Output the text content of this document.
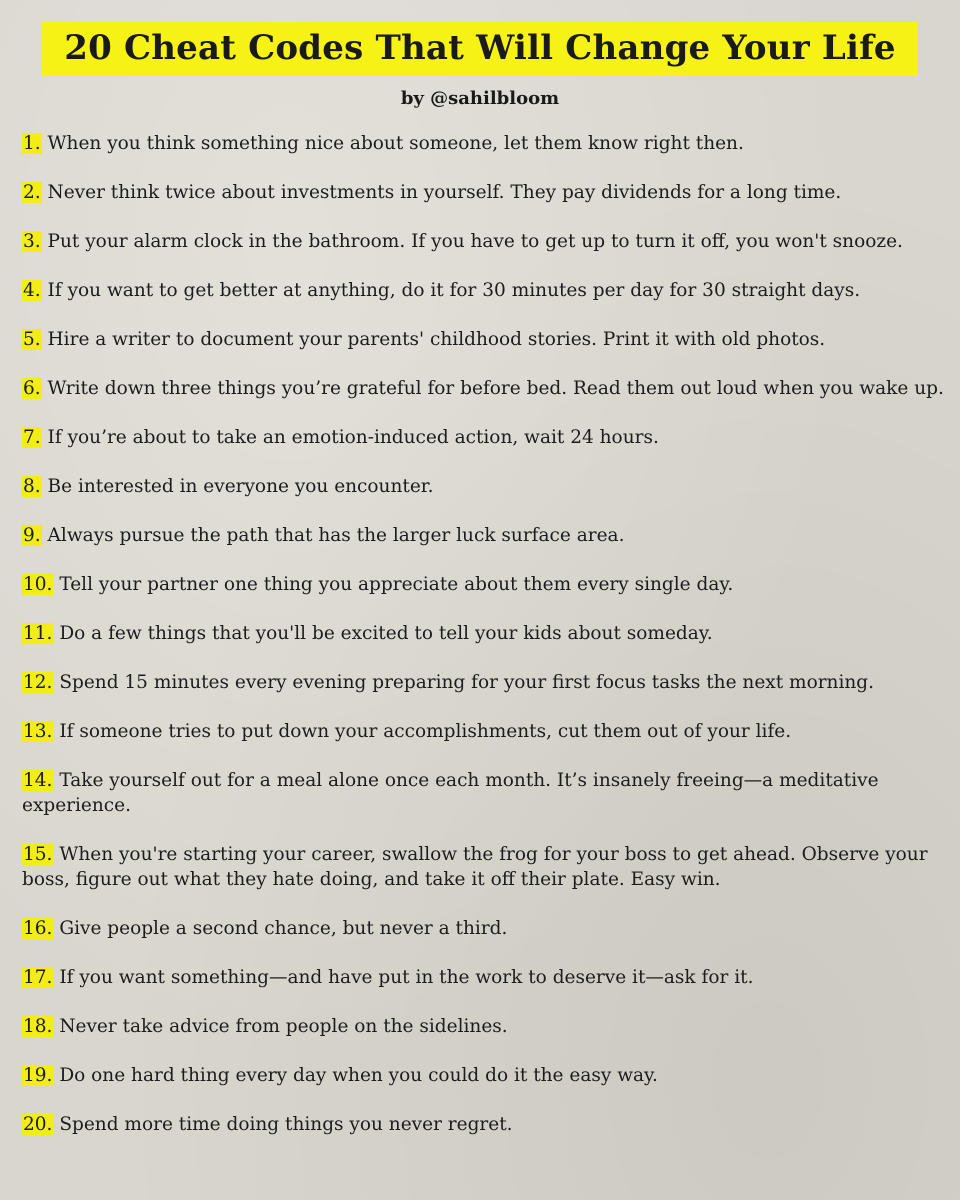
20 Cheat Codes That Will Change Your Life
by @sahilbloom
1. When you think something nice about someone, let them know right then.
2. Never think twice about investments in yourself. They pay dividends for a long time.
3. Put your alarm clock in the bathroom. If you have to get up to turn it off, you won't snooze.
4. If you want to get better at anything, do it for 30 minutes per day for 30 straight days.
5. Hire a writer to document your parents' childhood stories. Print it with old photos.
6. Write down three things you’re grateful for before bed. Read them out loud when you wake up.
7. If you’re about to take an emotion-induced action, wait 24 hours.
8. Be interested in everyone you encounter.
9. Always pursue the path that has the larger luck surface area.
10. Tell your partner one thing you appreciate about them every single day.
11. Do a few things that you'll be excited to tell your kids about someday.
12. Spend 15 minutes every evening preparing for your first focus tasks the next morning.
13. If someone tries to put down your accomplishments, cut them out of your life.
14. Take yourself out for a meal alone once each month. It’s insanely freeing—a meditative experience.
15. When you're starting your career, swallow the frog for your boss to get ahead. Observe your boss, figure out what they hate doing, and take it off their plate. Easy win.
16. Give people a second chance, but never a third.
17. If you want something—and have put in the work to deserve it—ask for it.
18. Never take advice from people on the sidelines.
19. Do one hard thing every day when you could do it the easy way.
20. Spend more time doing things you never regret.
